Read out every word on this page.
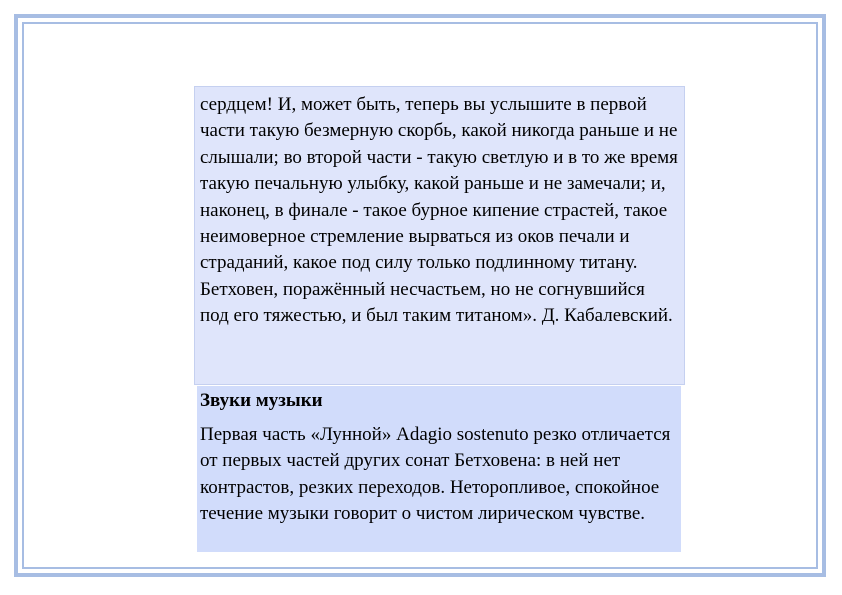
сердцем! И, может быть, теперь вы услышите в первой части такую безмерную скорбь, какой никогда раньше и не слышали; во второй части - такую светлую и в то же время такую печальную улыбку, какой раньше и не замечали; и, наконец, в финале - такое бурное кипение страстей, такое неимоверное стремление вырваться из оков печали и страданий, какое под силу только подлинному титану. Бетховен, поражённый несчастьем, но не согнувшийся под его тяжестью, и был таким титаном». Д. Кабалевский.
Звуки музыки

Первая часть «Лунной» Adagio sostenuto резко отличается от первых частей других сонат Бетховена: в ней нет контрастов, резких переходов. Неторопливое, спокойное течение музыки говорит о чистом лирическом чувстве.
